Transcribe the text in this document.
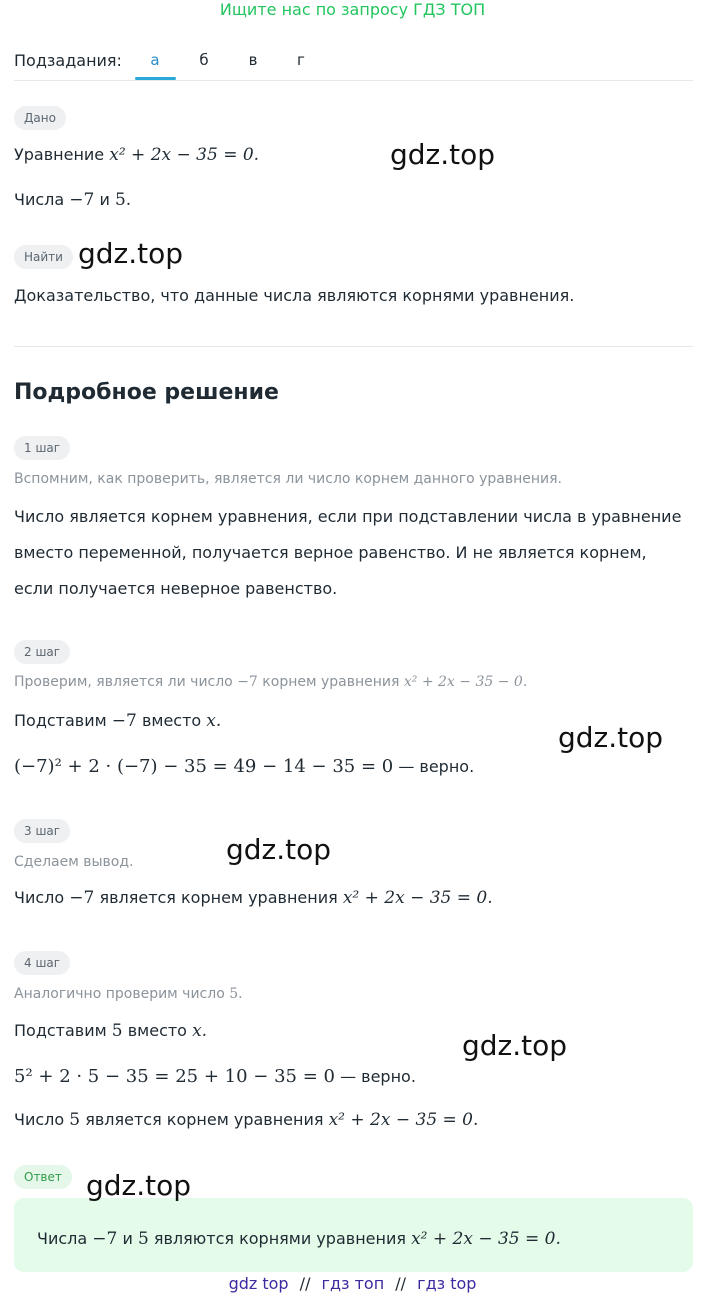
Ищите нас по запросу ГДЗ ТОП
Подзадания:	а	б	в	г
Дано
Уравнение x² + 2x − 35 = 0.
Числа −7 и 5.
Найти
Доказательство, что данные числа являются корнями уравнения.
Подробное решение
1 шаг
Вспомним, как проверить, является ли число корнем данного уравнения.
Число является корнем уравнения, если при подставлении числа в уравнение
вместо переменной, получается верное равенство. И не является корнем,
если получается неверное равенство.
2 шаг
Проверим, является ли число −7 корнем уравнения x² + 2x − 35 − 0.
Подставим −7 вместо x.
(−7)² + 2 · (−7) − 35 = 49 − 14 − 35 = 0 — верно.
3 шаг
Сделаем вывод.
Число −7 является корнем уравнения x² + 2x − 35 = 0.
4 шаг
Аналогично проверим число 5.
Подставим 5 вместо x.
5² + 2 · 5 − 35 = 25 + 10 − 35 = 0 — верно.
Число 5 является корнем уравнения x² + 2x − 35 = 0.
Ответ
Числа −7 и 5 являются корнями уравнения x² + 2x − 35 = 0.
gdz.top
gdz.top
gdz.top
gdz.top
gdz.top
gdz.top
gdz top // гдз топ // гдз top
